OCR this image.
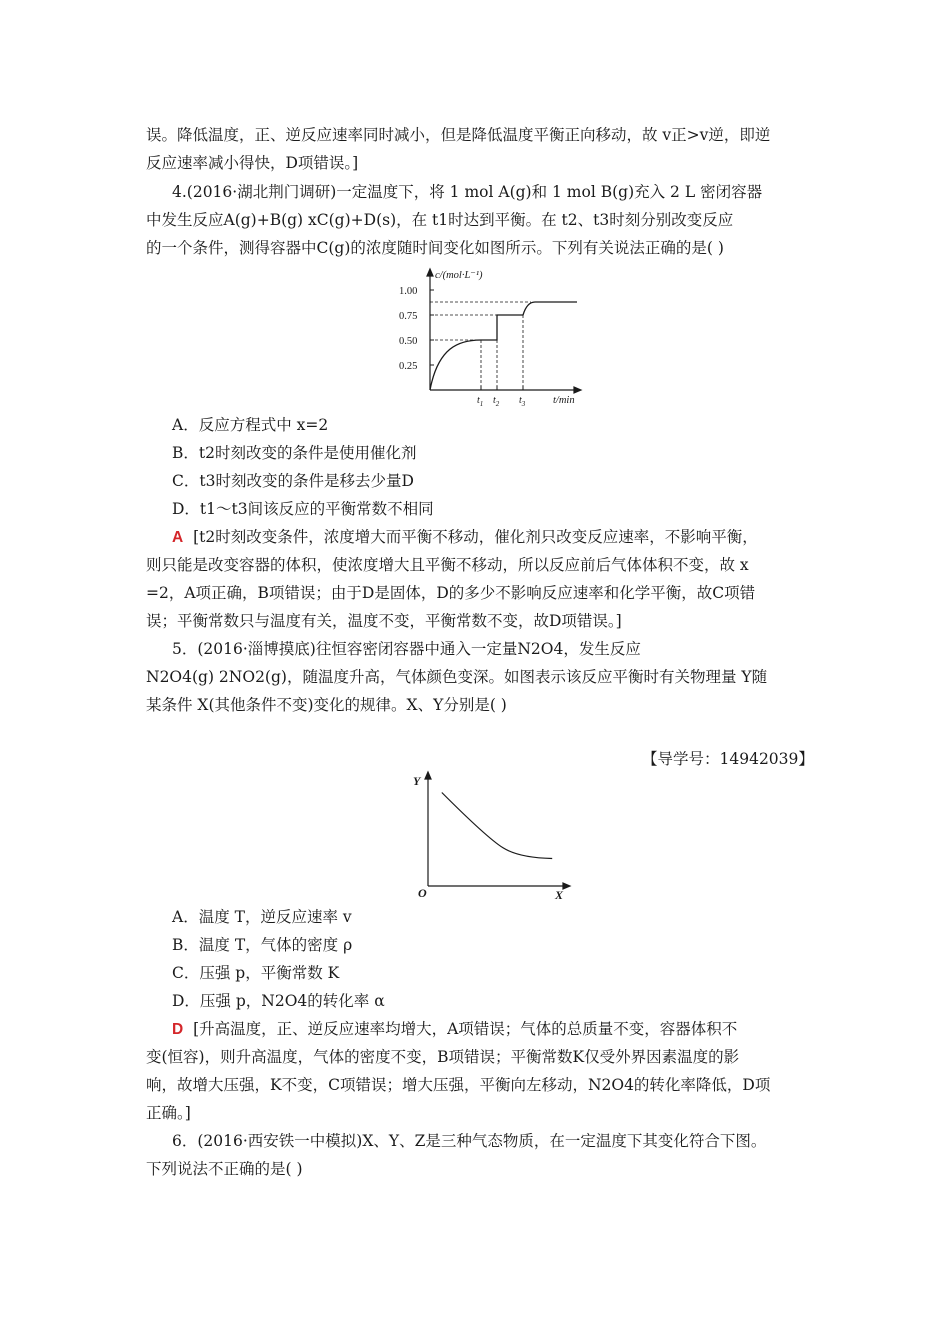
误。降低温度，正、逆反应速率同时减小，但是降低温度平衡正向移动，故 v正>v逆，即逆
反应速率减小得快，D项错误。]
4.(2016·湖北荆门调研)一定温度下，将 1 mol A(g)和 1 mol B(g)充入 2 L 密闭容器
中发生反应A(g)+B(g) xC(g)+D(s)，在 t1时达到平衡。在 t2、t3时刻分别改变反应
的一个条件，测得容器中C(g)的浓度随时间变化如图所示。下列有关说法正确的是( )
0.25
0.50
0.75
1.00
$t_1$ $t_2$ $t_3$
c/(mol·L⁻¹)
t/min
A．反应方程式中 x=2
B．t2时刻改变的条件是使用催化剂
C．t3时刻改变的条件是移去少量D
D．t1～t3间该反应的平衡常数不相同
A [t2时刻改变条件，浓度增大而平衡不移动，催化剂只改变反应速率，不影响平衡，
则只能是改变容器的体积，使浓度增大且平衡不移动，所以反应前后气体体积不变，故 x
=2，A项正确，B项错误；由于D是固体，D的多少不影响反应速率和化学平衡，故C项错
误；平衡常数只与温度有关，温度不变，平衡常数不变，故D项错误。]
5．(2016·淄博摸底)往恒容密闭容器中通入一定量N2O4，发生反应
N2O4(g) 2NO2(g)，随温度升高，气体颜色变深。如图表示该反应平衡时有关物理量 Y随
某条件 X(其他条件不变)变化的规律。X、Y分别是( )
【导学号：14942039】
Y
X
O
A．温度 T，逆反应速率 v
B．温度 T，气体的密度 ρ
C．压强 p，平衡常数 K
D．压强 p，N2O4的转化率 α
D [升高温度，正、逆反应速率均增大，A项错误；气体的总质量不变，容器体积不
变(恒容)，则升高温度，气体的密度不变，B项错误；平衡常数K仅受外界因素温度的影
响，故增大压强，K不变，C项错误；增大压强，平衡向左移动，N2O4的转化率降低，D项
正确。]
6．(2016·西安铁一中模拟)X、Y、Z是三种气态物质，在一定温度下其变化符合下图。
下列说法不正确的是( )
